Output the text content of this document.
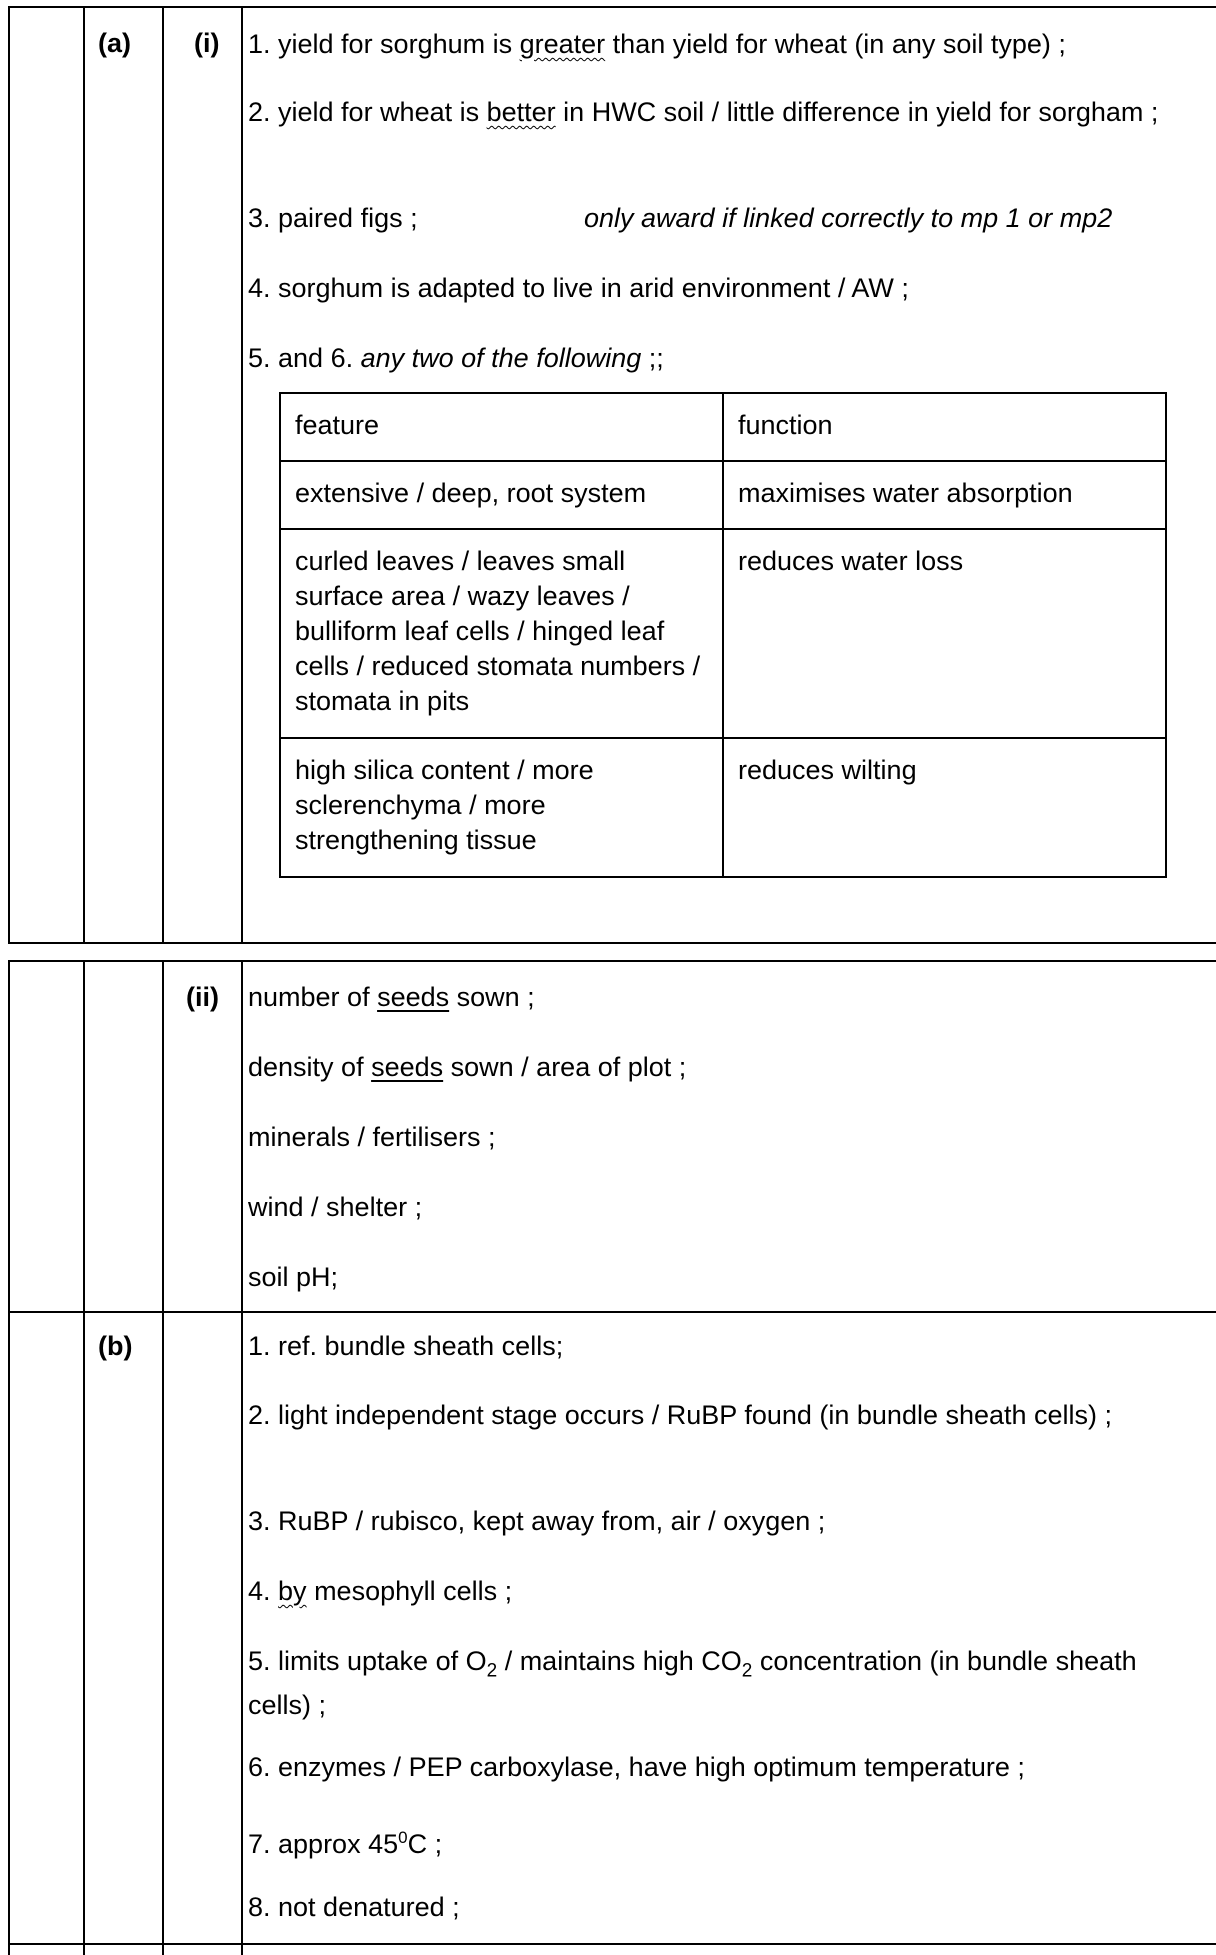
(a) (i) 1. yield for sorghum is greater than yield for wheat (in any soil type) ;
2. yield for wheat is better in HWC soil / little difference in yield for sorgham ;
3. paired figs ;	only award if linked correctly to mp 1 or mp2
4. sorghum is adapted to live in arid environment / AW ;
5. and 6. any two of the following ;;
feature	function
extensive / deep, root system	maximises water absorption
curled leaves / leaves small surface area / wazy leaves / bulliform leaf cells / hinged leaf cells / reduced stomata numbers / stomata in pits	reduces water loss
high silica content / more sclerenchyma / more strengthening tissue	reduces wilting
(ii) number of seeds sown ;
density of seeds sown / area of plot ;
minerals / fertilisers ;
wind / shelter ;
soil pH;
(b)	1. ref. bundle sheath cells;
2. light independent stage occurs / RuBP found (in bundle sheath cells) ;
3. RuBP / rubisco, kept away from, air / oxygen ;
4. by mesophyll cells ;
5. limits uptake of $O_2$ / maintains high $CO_2$ concentration (in bundle sheath cells) ;
6. enzymes / PEP carboxylase, have high optimum temperature ;
7. approx $45^0C$ ;
8. not denatured ;
